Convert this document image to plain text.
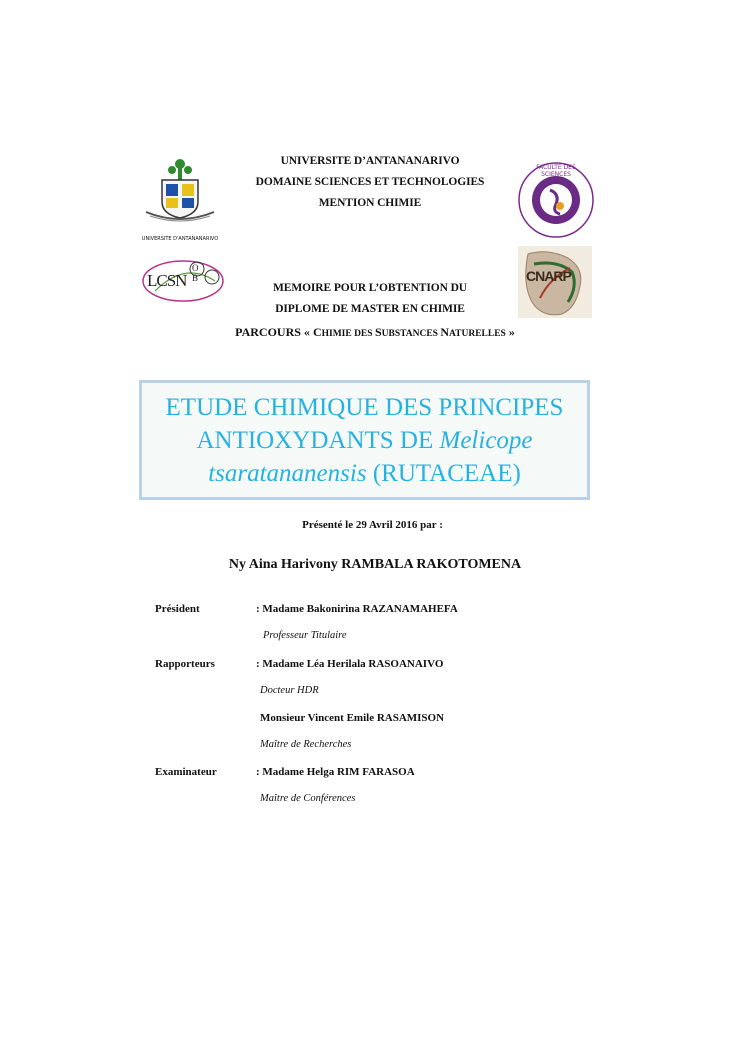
UNIVERSITE D'ANTANANARIVO
FACULTE DES SCIENCES
LCSN
O B	CNARP
UNIVERSITE D’ANTANANARIVO
DOMAINE SCIENCES ET TECHNOLOGIES
MENTION CHIMIE
MEMOIRE POUR L’OBTENTION DU
DIPLOME DE MASTER EN CHIMIE
PARCOURS « CHIMIE DES SUBSTANCES NATURELLES »
ETUDE CHIMIQUE DES PRINCIPES
ANTIOXYDANTS DE Melicope
tsaratananensis (RUTACEAE)
Présenté le 29 Avril 2016 par :
Ny Aina Harivony RAMBALA RAKOTOMENA
Président	: Madame Bakonirina RAZANAMAHEFA
Professeur Titulaire
Rapporteurs	: Madame Léa Herilala RASOANAIVO
Docteur HDR
Monsieur Vincent Emile RASAMISON
Maître de Recherches
Examinateur	: Madame Helga RIM FARASOA
Maître de Conférences
